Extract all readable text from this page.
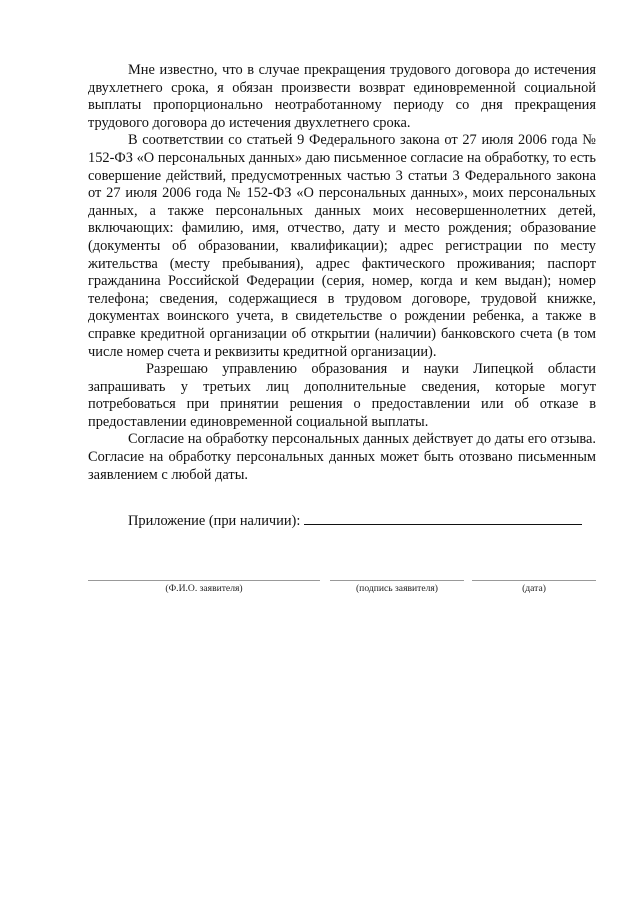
Мне известно, что в случае прекращения трудового договора до истечения двухлетнего срока, я обязан произвести возврат единовременной социальной выплаты пропорционально неотработанному периоду со дня прекращения трудового договора до истечения двухлетнего срока.

В соответствии со статьей 9 Федерального закона от 27 июля 2006 года № 152-ФЗ «О персональных данных» даю письменное согласие на обработку, то есть совершение действий, предусмотренных частью 3 статьи 3 Федерального закона от 27 июля 2006 года № 152-ФЗ «О персональных данных», моих персональных данных, а также персональных данных моих несовершеннолетних детей, включающих: фамилию, имя, отчество, дату и место рождения; образование (документы об образовании, квалификации); адрес регистрации по месту жительства (месту пребывания), адрес фактического проживания; паспорт гражданина Российской Федерации (серия, номер, когда и кем выдан); номер телефона; сведения, содержащиеся в трудовом договоре, трудовой книжке, документах воинского учета, в свидетельстве о рождении ребенка, а также в справке кредитной организации об открытии (наличии) банковского счета (в том числе номер счета и реквизиты кредитной организации).

Разрешаю управлению образования и науки Липецкой области запрашивать у третьих лиц дополнительные сведения, которые могут потребоваться при принятии решения о предоставлении или об отказе в предоставлении единовременной социальной выплаты.

Согласие на обработку персональных данных действует до даты его отзыва. Согласие на обработку персональных данных может быть отозвано письменным заявлением с любой даты.

Приложение (при наличии):
(Ф.И.О. заявителя)	(подпись заявителя)	(дата)
